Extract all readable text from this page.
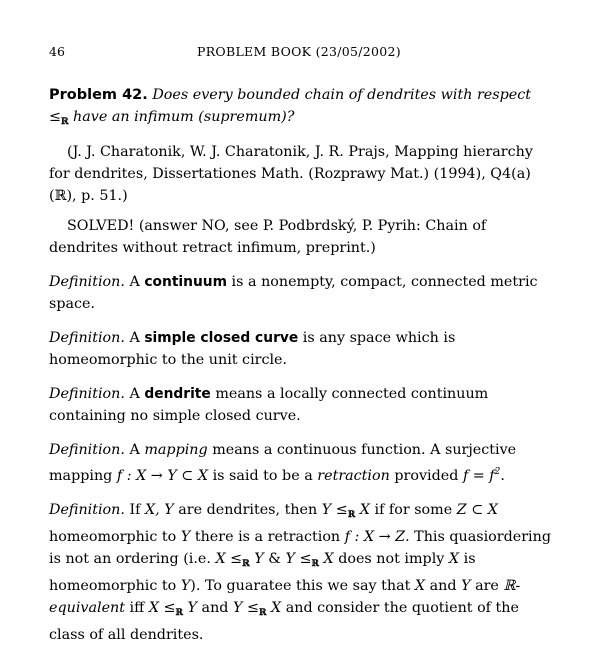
46	PROBLEM BOOK (23/05/2002)

Problem 42. Does every bounded chain of dendrites with respect $\le_ℝ$ have an infimum (supremum)?

(J. J. Charatonik, W. J. Charatonik, J. R. Prajs, Mapping hierarchy for dendrites, Dissertationes Math. (Rozprawy Mat.) (1994), Q4(a)(ℝ), p. 51.)

SOLVED! (answer NO, see P. Podbrdský, P. Pyrih: Chain of dendrites without retract infimum, preprint.)

Definition. A continuum is a nonempty, compact, connected metric space.

Definition. A simple closed curve is any space which is homeomorphic to the unit circle.

Definition. A dendrite means a locally connected continuum containing no simple closed curve.

Definition. A mapping means a continuous function. A surjective mapping f : X → Y ⊂ X is said to be a retraction provided $f = f^2$.

Definition. If X, Y are dendrites, then $Y \le_ℝ$ X if for some Z ⊂ X homeomorphic to Y there is a retraction f : X → Z. This quasiordering is not an ordering (i.e. $X \le_ℝ$ Y & $Y \le_ℝ$ X does not imply X is homeomorphic to Y). To guaratee this we say that X and Y are ℝ-equivalent iff $X \le_ℝ$ Y and $Y \le_ℝ$ X and consider the quotient of the class of all dendrites.
